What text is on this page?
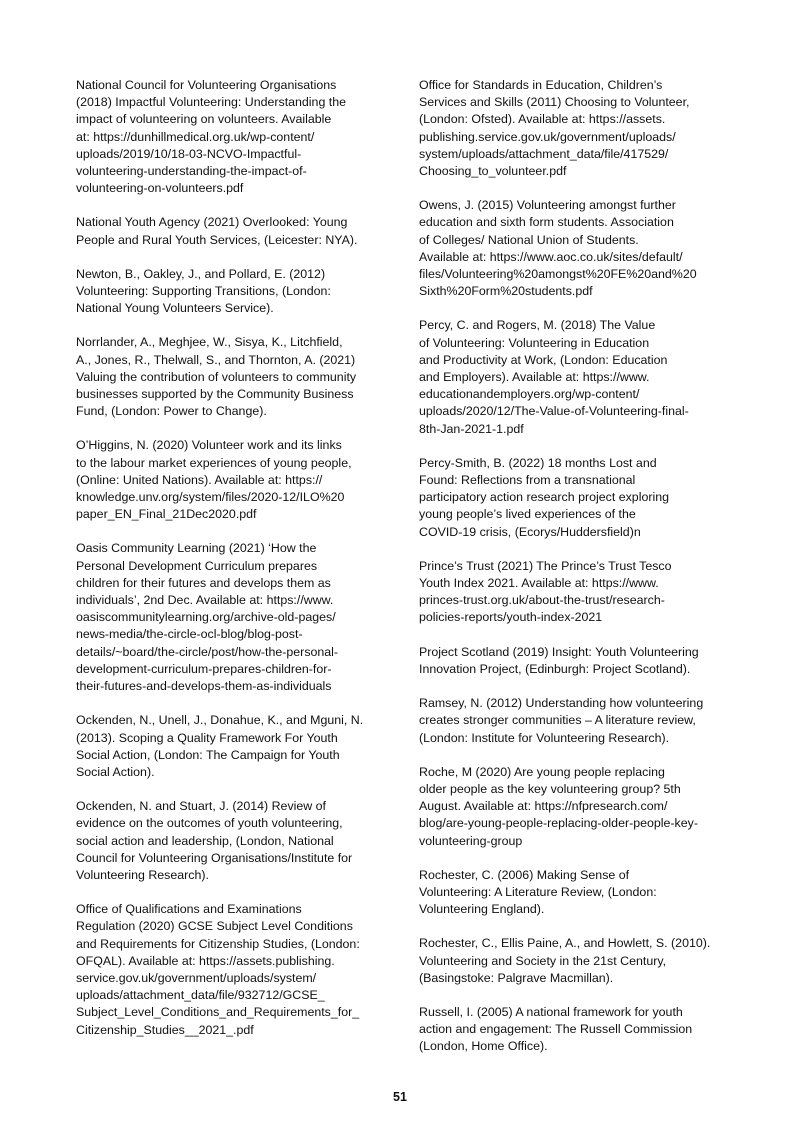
National Council for Volunteering Organisations
(2018) Impactful Volunteering: Understanding the
impact of volunteering on volunteers. Available
at: https://dunhillmedical.org.uk/wp-content/
uploads/2019/10/18-03-NCVO-Impactful-
volunteering-understanding-the-impact-of-
volunteering-on-volunteers.pdf

National Youth Agency (2021) Overlooked: Young
People and Rural Youth Services, (Leicester: NYA).

Newton, B., Oakley, J., and Pollard, E. (2012)
Volunteering: Supporting Transitions, (London:
National Young Volunteers Service).

Norrlander, A., Meghjee, W., Sisya, K., Litchfield,
A., Jones, R., Thelwall, S., and Thornton, A. (2021)
Valuing the contribution of volunteers to community
businesses supported by the Community Business
Fund, (London: Power to Change).

O’Higgins, N. (2020) Volunteer work and its links
to the labour market experiences of young people,
(Online: United Nations). Available at: https://
knowledge.unv.org/system/files/2020-12/ILO%20
paper_EN_Final_21Dec2020.pdf

Oasis Community Learning (2021) ‘How the
Personal Development Curriculum prepares
children for their futures and develops them as
individuals’, 2nd Dec. Available at: https://www.
oasiscommunitylearning.org/archive-old-pages/
news-media/the-circle-ocl-blog/blog-post-
details/~board/the-circle/post/how-the-personal-
development-curriculum-prepares-children-for-
their-futures-and-develops-them-as-individuals

Ockenden, N., Unell, J., Donahue, K., and Mguni, N.
(2013). Scoping a Quality Framework For Youth
Social Action, (London: The Campaign for Youth
Social Action).

Ockenden, N. and Stuart, J. (2014) Review of
evidence on the outcomes of youth volunteering,
social action and leadership, (London, National
Council for Volunteering Organisations/Institute for
Volunteering Research).

Office of Qualifications and Examinations
Regulation (2020) GCSE Subject Level Conditions
and Requirements for Citizenship Studies, (London:
OFQAL). Available at: https://assets.publishing.
service.gov.uk/government/uploads/system/
uploads/attachment_data/file/932712/GCSE_
Subject_Level_Conditions_and_Requirements_for_
Citizenship_Studies__2021_.pdf

Office for Standards in Education, Children’s
Services and Skills (2011) Choosing to Volunteer,
(London: Ofsted). Available at: https://assets.
publishing.service.gov.uk/government/uploads/
system/uploads/attachment_data/file/417529/
Choosing_to_volunteer.pdf

Owens, J. (2015) Volunteering amongst further
education and sixth form students. Association
of Colleges/ National Union of Students.
Available at: https://www.aoc.co.uk/sites/default/
files/Volunteering%20amongst%20FE%20and%20
Sixth%20Form%20students.pdf

Percy, C. and Rogers, M. (2018) The Value
of Volunteering: Volunteering in Education
and Productivity at Work, (London: Education
and Employers). Available at: https://www.
educationandemployers.org/wp-content/
uploads/2020/12/The-Value-of-Volunteering-final-
8th-Jan-2021-1.pdf

Percy-Smith, B. (2022) 18 months Lost and
Found: Reflections from a transnational
participatory action research project exploring
young people’s lived experiences of the
COVID-19 crisis, (Ecorys/Huddersfield)n

Prince’s Trust (2021) The Prince’s Trust Tesco
Youth Index 2021. Available at: https://www.
princes-trust.org.uk/about-the-trust/research-
policies-reports/youth-index-2021

Project Scotland (2019) Insight: Youth Volunteering
Innovation Project, (Edinburgh: Project Scotland).

Ramsey, N. (2012) Understanding how volunteering
creates stronger communities – A literature review,
(London: Institute for Volunteering Research).

Roche, M (2020) Are young people replacing
older people as the key volunteering group? 5th
August. Available at: https://nfpresearch.com/
blog/are-young-people-replacing-older-people-key-
volunteering-group

Rochester, C. (2006) Making Sense of
Volunteering: A Literature Review, (London:
Volunteering England).

Rochester, C., Ellis Paine, A., and Howlett, S. (2010).
Volunteering and Society in the 21st Century,
(Basingstoke: Palgrave Macmillan).

Russell, I. (2005) A national framework for youth
action and engagement: The Russell Commission
(London, Home Office).

51
